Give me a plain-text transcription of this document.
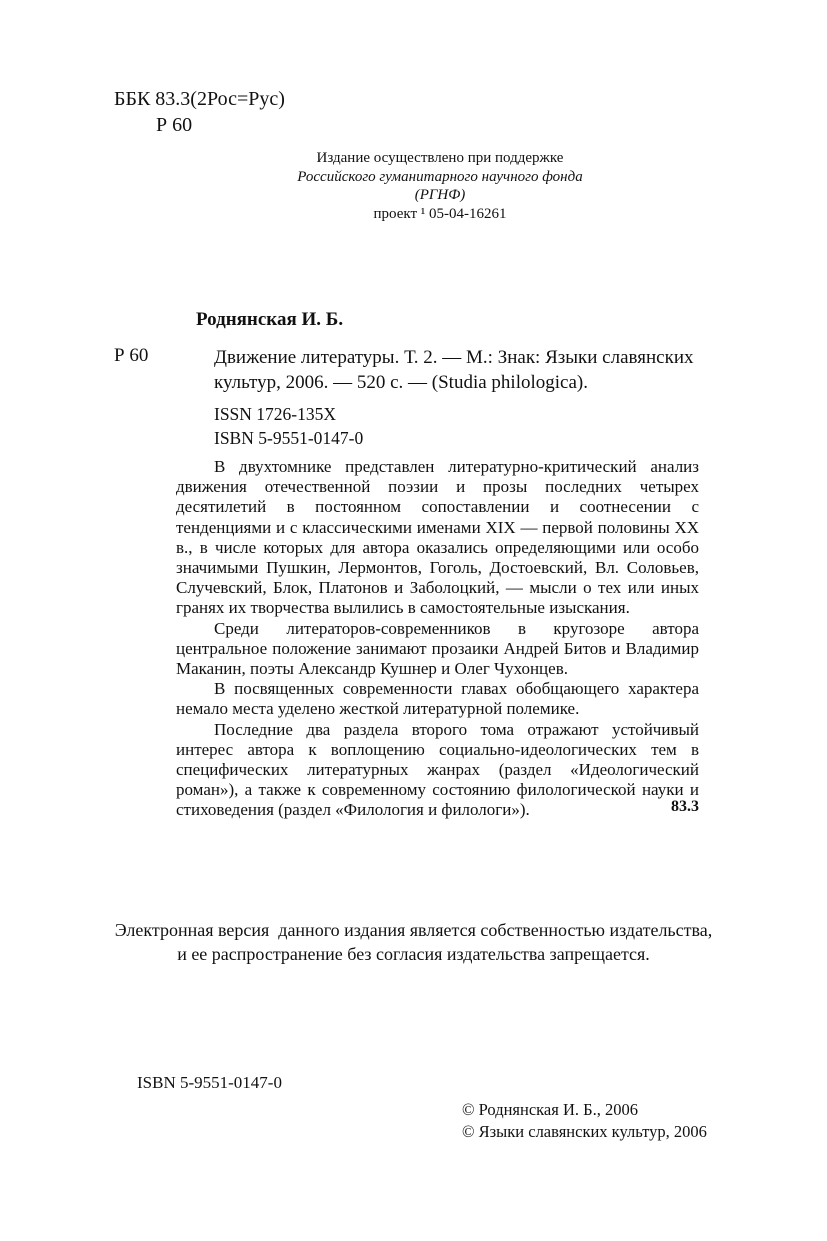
ББК 83.3(2Рос=Рус)
Р 60
Издание осуществлено при поддержке
Российского гуманитарного научного фонда
(РГНФ)
проект ¹ 05-04-16261
Роднянская И. Б.
Р 60	Движение литературы. Т. 2. — М.: Знак: Языки славянских
культур, 2006. — 520 с. — (Studia philologica).
ISSN 1726-135X
ISBN 5-9551-0147-0

В двухтомнике представлен литературно-критический анализ движения отечественной поэзии и прозы последних четырех десятилетий в постоянном сопоставлении и соотнесении с тенденциями и с классическими именами XIX — первой половины XX в., в числе которых для автора оказались определяющими или особо значимыми Пушкин, Лермонтов, Гоголь, Достоевский, Вл. Соловьев, Случевский, Блок, Платонов и Заболоцкий, — мысли о тех или иных гранях их творчества вылились в самостоятельные изыскания.

Среди литераторов-современников в кругозоре автора центральное положение занимают прозаики Андрей Битов и Владимир Маканин, поэты Александр Кушнер и Олег Чухонцев.

В посвященных современности главах обобщающего характера немало места уделено жесткой литературной полемике.

Последние два раздела второго тома отражают устойчивый интерес автора к воплощению социально-идеологических тем в специфических литературных жанрах (раздел «Идеологический роман»), а также к современному состоянию филологической науки и стиховедения (раздел «Филология и филологи»).	83.3
Электронная версия  данного издания является собственностью издательства,
и ее распространение без согласия издательства запрещается.
ISBN 5-9551-0147-0
© Роднянская И. Б., 2006
© Языки славянских культур, 2006
